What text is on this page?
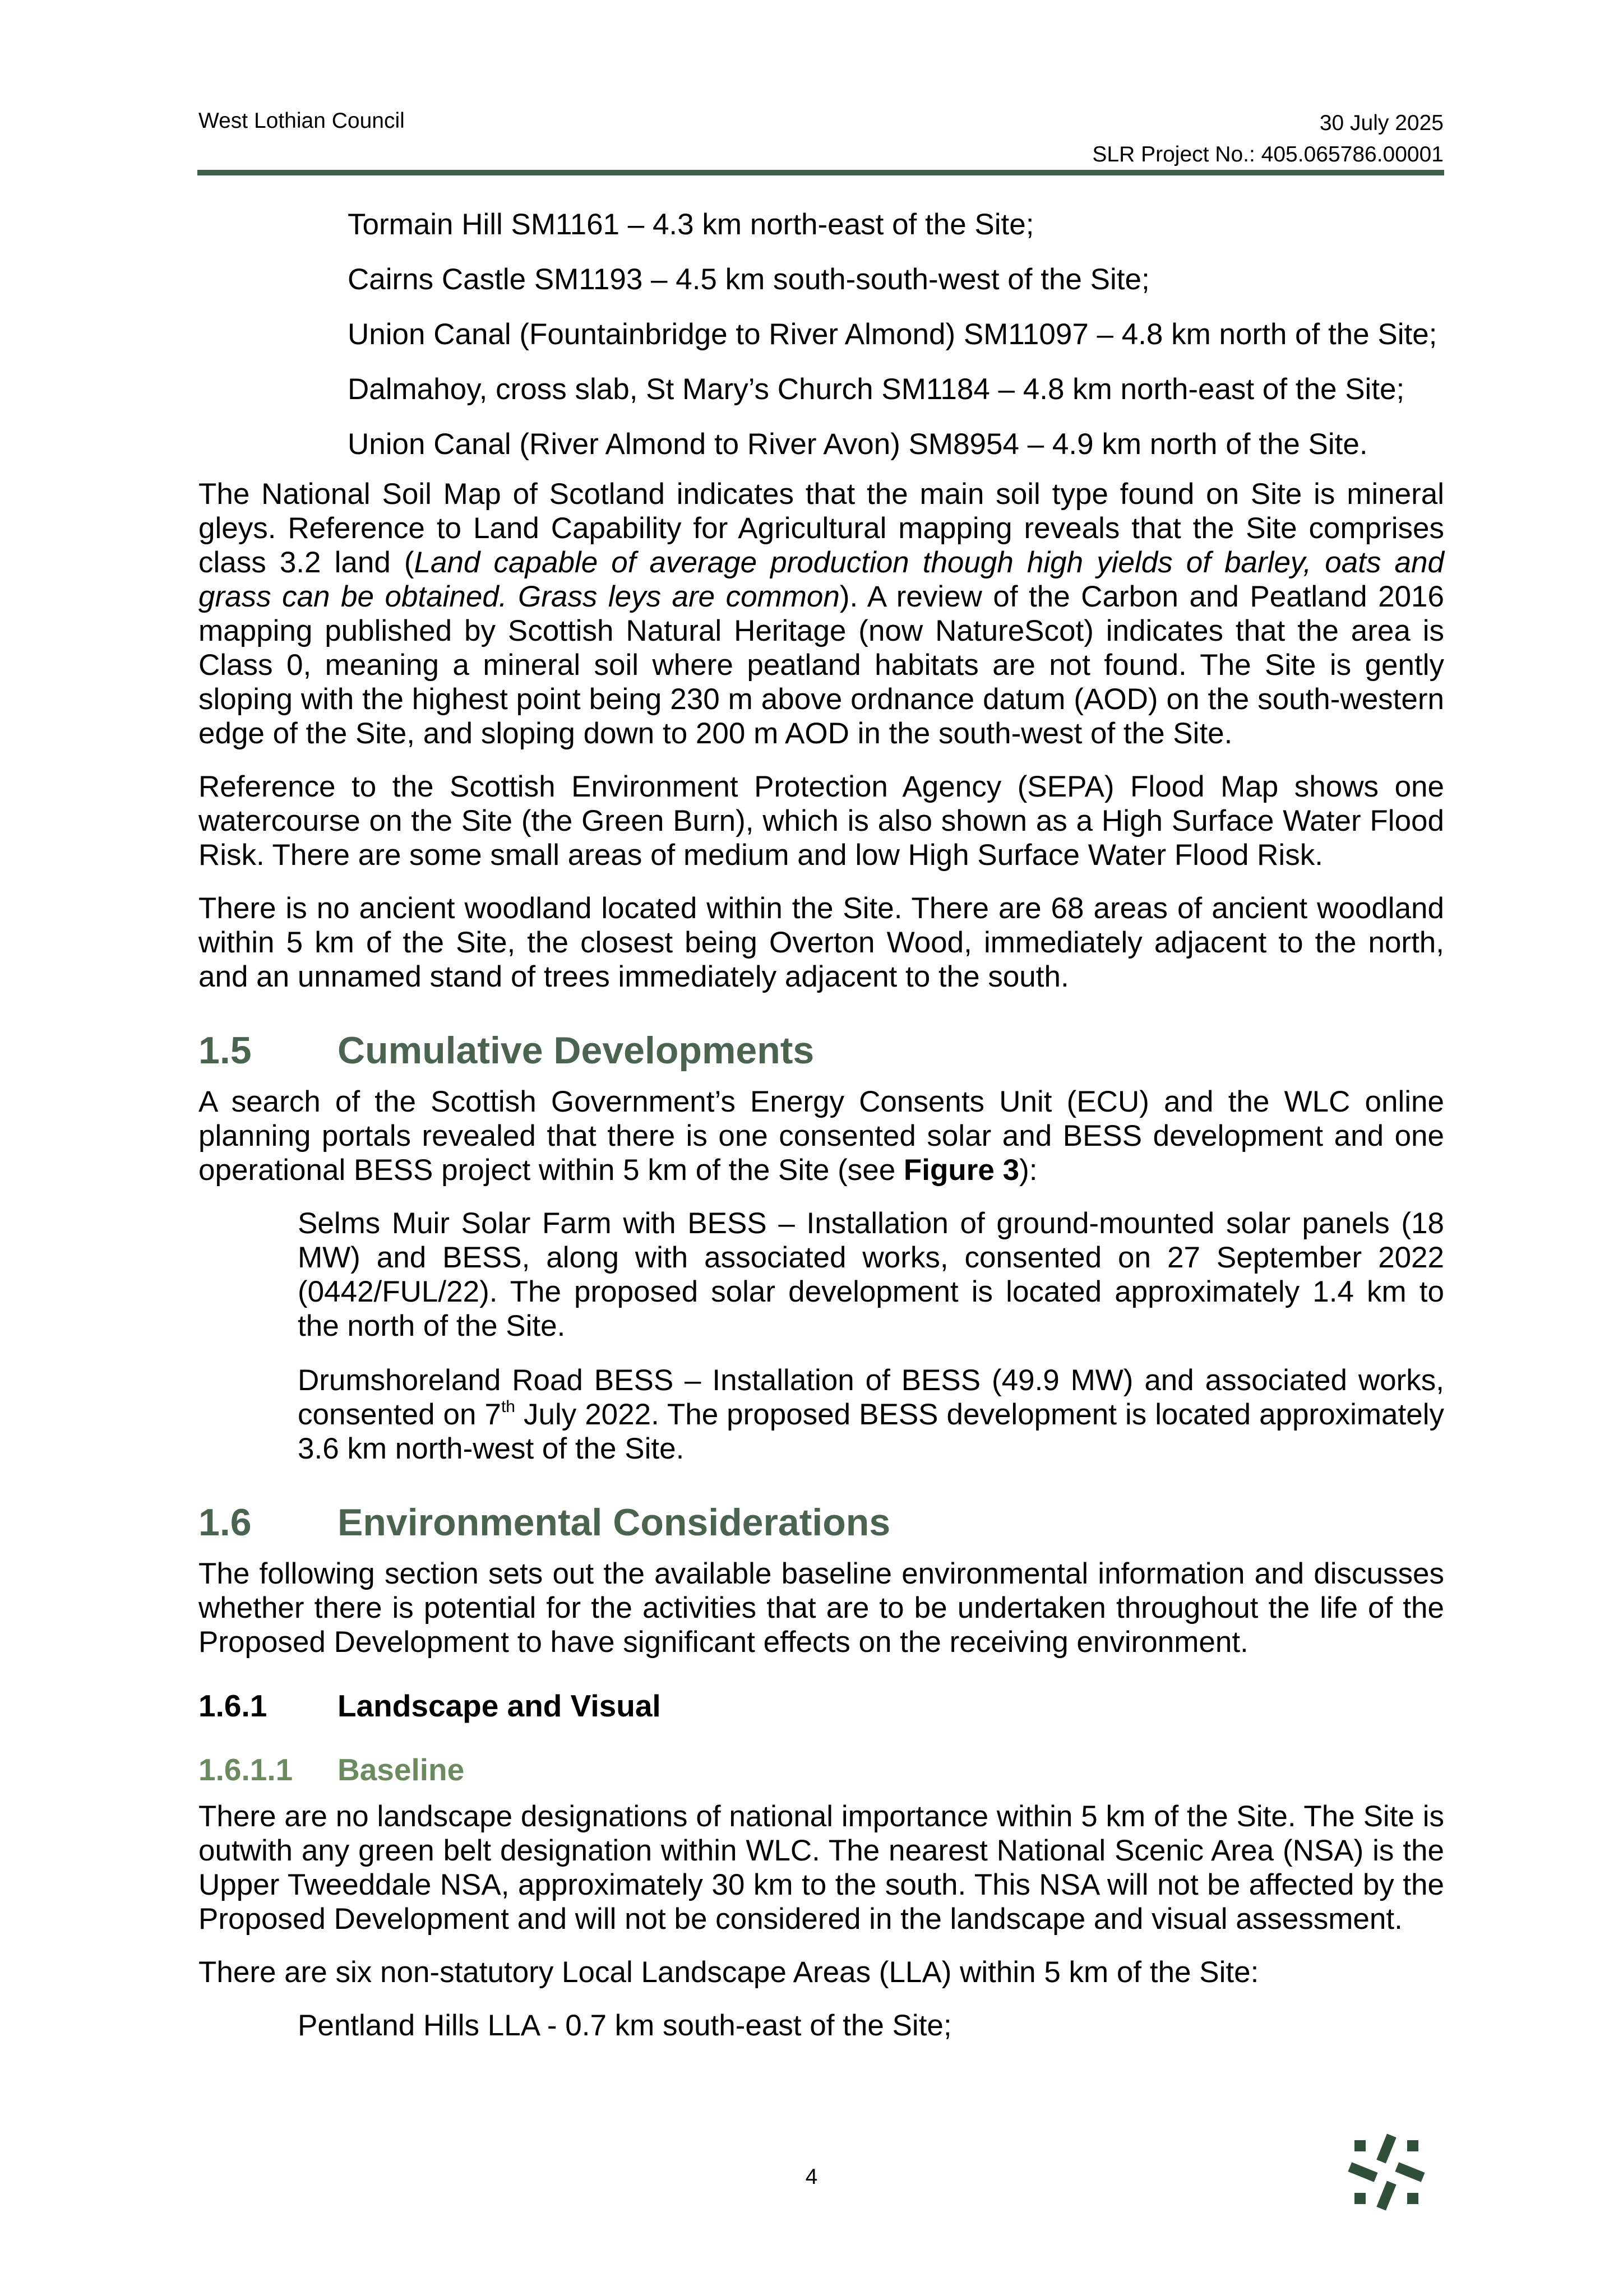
West Lothian Council	30 July 2025
SLR Project No.: 405.065786.00001

Tormain Hill SM1161 – 4.3 km north-east of the Site;

Cairns Castle SM1193 – 4.5 km south-south-west of the Site;

Union Canal (Fountainbridge to River Almond) SM11097 – 4.8 km north of the Site;

Dalmahoy, cross slab, St Mary’s Church SM1184 – 4.8 km north-east of the Site;

Union Canal (River Almond to River Avon) SM8954 – 4.9 km north of the Site.

The National Soil Map of Scotland indicates that the main soil type found on Site is mineral gleys. Reference to Land Capability for Agricultural mapping reveals that the Site comprises class 3.2 land (Land capable of average production though high yields of barley, oats and grass can be obtained. Grass leys are common). A review of the Carbon and Peatland 2016 mapping published by Scottish Natural Heritage (now NatureScot) indicates that the area is Class 0, meaning a mineral soil where peatland habitats are not found. The Site is gently sloping with the highest point being 230 m above ordnance datum (AOD) on the south-western edge of the Site, and sloping down to 200 m AOD in the south-west of the Site.

Reference to the Scottish Environment Protection Agency (SEPA) Flood Map shows one watercourse on the Site (the Green Burn), which is also shown as a High Surface Water Flood Risk. There are some small areas of medium and low High Surface Water Flood Risk.

There is no ancient woodland located within the Site. There are 68 areas of ancient woodland within 5 km of the Site, the closest being Overton Wood, immediately adjacent to the north, and an unnamed stand of trees immediately adjacent to the south.

1.5	Cumulative Developments

A search of the Scottish Government’s Energy Consents Unit (ECU) and the WLC online planning portals revealed that there is one consented solar and BESS development and one operational BESS project within 5 km of the Site (see Figure 3):

Selms Muir Solar Farm with BESS – Installation of ground-mounted solar panels (18 MW) and BESS, along with associated works, consented on 27 September 2022 (0442/FUL/22). The proposed solar development is located approximately 1.4 km to the north of the Site.

Drumshoreland Road BESS – Installation of BESS (49.9 MW) and associated works, consented on 7th July 2022. The proposed BESS development is located approximately 3.6 km north-west of the Site.

1.6	Environmental Considerations

The following section sets out the available baseline environmental information and discusses whether there is potential for the activities that are to be undertaken throughout the life of the Proposed Development to have significant effects on the receiving environment.

1.6.1	Landscape and Visual
1.6.1.1	Baseline

There are no landscape designations of national importance within 5 km of the Site. The Site is outwith any green belt designation within WLC. The nearest National Scenic Area (NSA) is the Upper Tweeddale NSA, approximately 30 km to the south. This NSA will not be affected by the Proposed Development and will not be considered in the landscape and visual assessment.

There are six non-statutory Local Landscape Areas (LLA) within 5 km of the Site:

Pentland Hills LLA - 0.7 km south-east of the Site;

4
